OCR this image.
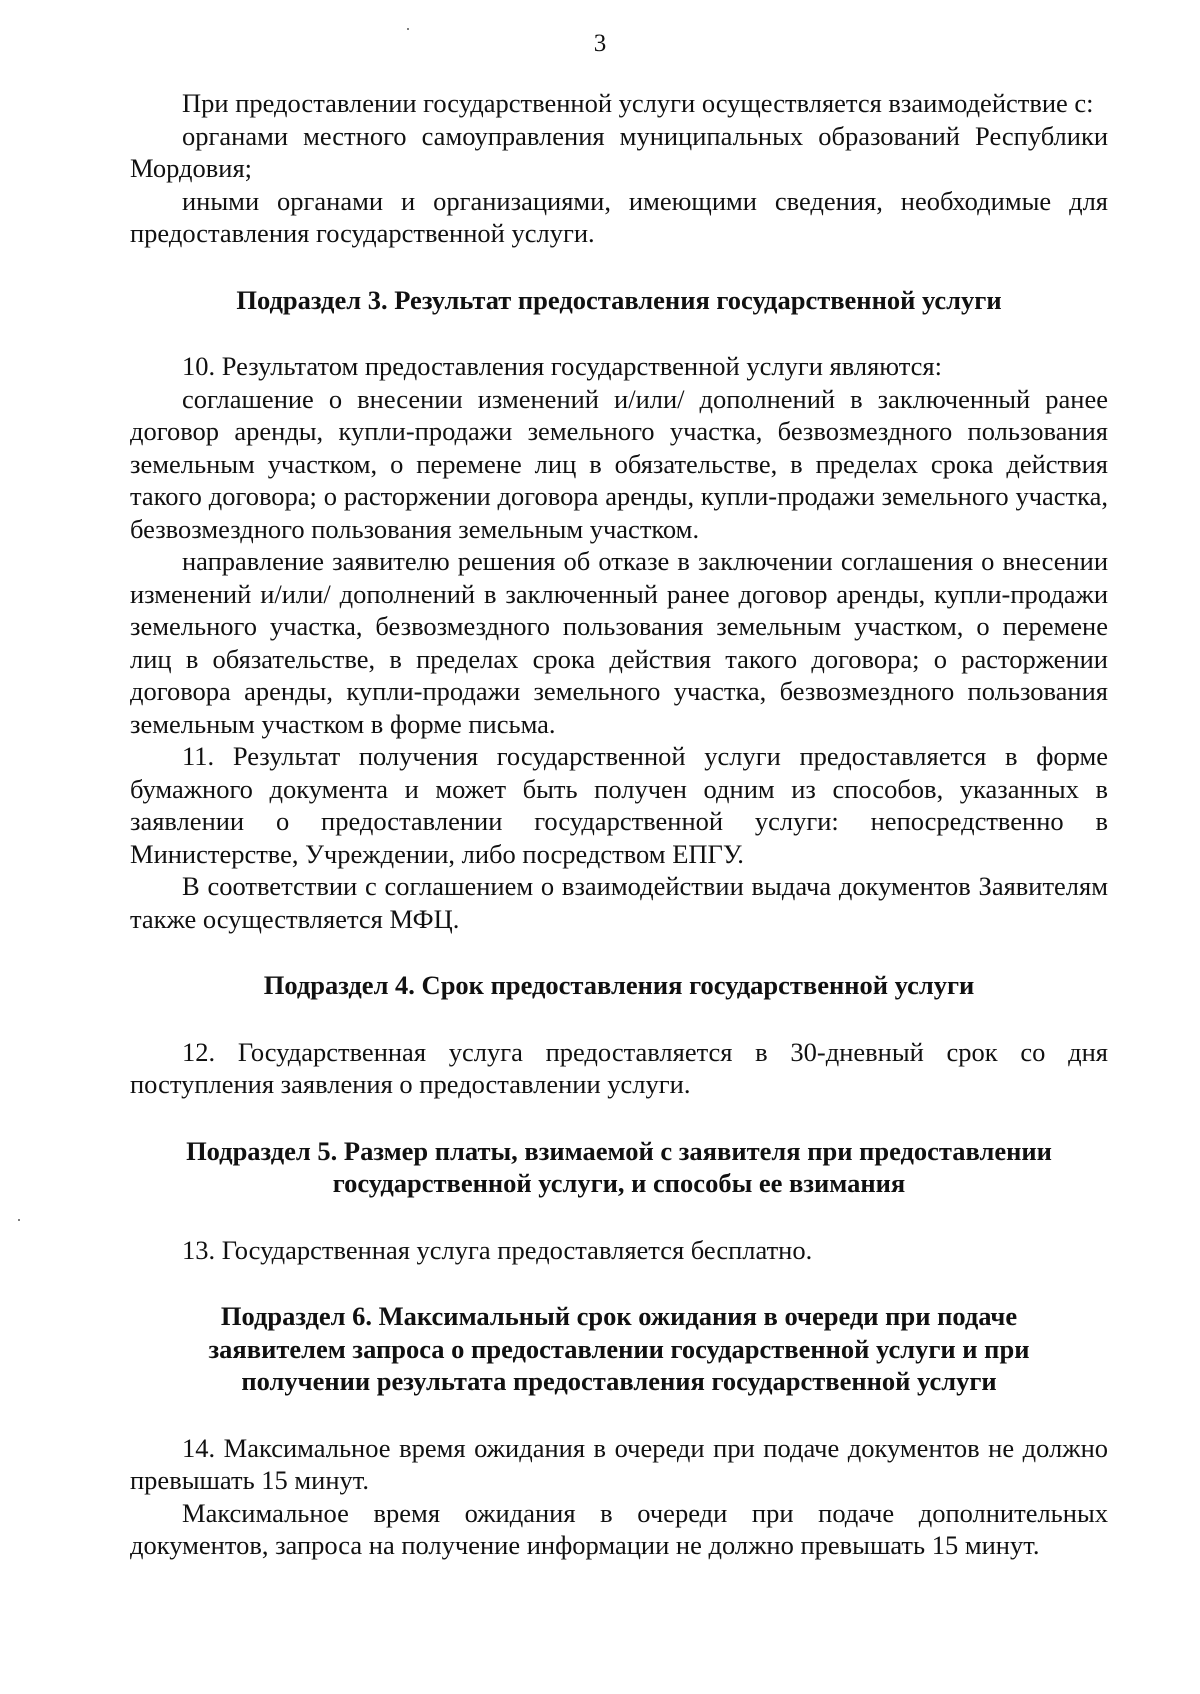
3

При предоставлении государственной услуги осуществляется взаимодействие с:

органами местного самоуправления муниципальных образований Республики Мордовия;

иными органами и организациями, имеющими сведения, необходимые для предоставления государственной услуги.

Подраздел 3. Результат предоставления государственной услуги

10. Результатом предоставления государственной услуги являются:

соглашение о внесении изменений и/или/ дополнений в заключенный ранее договор аренды, купли-продажи земельного участка, безвозмездного пользования земельным участком, о перемене лиц в обязательстве, в пределах срока действия такого договора; о расторжении договора аренды, купли-продажи земельного участка, безвозмездного пользования земельным участком.

направление заявителю решения об отказе в заключении соглашения о внесении изменений и/или/ дополнений в заключенный ранее договор аренды, купли-продажи земельного участка, безвозмездного пользования земельным участком, о перемене лиц в обязательстве, в пределах срока действия такого договора; о расторжении договора аренды, купли-продажи земельного участка, безвозмездного пользования земельным участком в форме письма.

11. Результат получения государственной услуги предоставляется в форме бумажного документа и может быть получен одним из способов, указанных в заявлении о предоставлении государственной услуги: непосредственно в Министерстве, Учреждении, либо посредством ЕПГУ.

В соответствии с соглашением о взаимодействии выдача документов Заявителям также осуществляется МФЦ.

Подраздел 4. Срок предоставления государственной услуги

12. Государственная услуга предоставляется в 30-дневный срок со дня поступления заявления о предоставлении услуги.

Подраздел 5. Размер платы, взимаемой с заявителя при предоставлении
государственной услуги, и способы ее взимания

13. Государственная услуга предоставляется бесплатно.

Подраздел 6. Максимальный срок ожидания в очереди при подаче
заявителем запроса о предоставлении государственной услуги и при
получении результата предоставления государственной услуги

14. Максимальное время ожидания в очереди при подаче документов не должно превышать 15 минут.

Максимальное время ожидания в очереди при подаче дополнительных документов, запроса на получение информации не должно превышать 15 минут.
